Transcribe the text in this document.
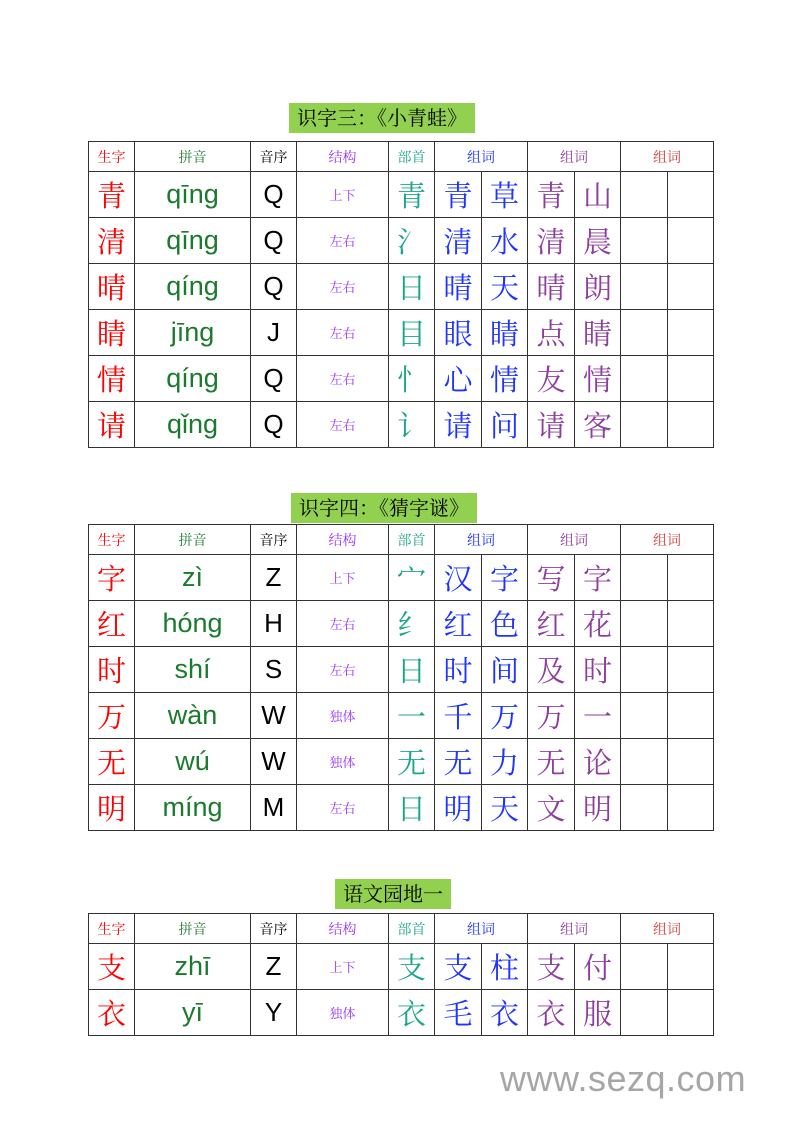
识字三：《小青蛙》
识字四：《猜字谜》
语文园地一
生字	拼音	音序	结构	部首	组词		组词		组词	
青	qīng	Q	上下	青	青	草	青	山		
清	qīng	Q	左右	氵	清	水	清	晨		
晴	qíng	Q	左右	日	晴	天	晴	朗		
睛	jīng	J	左右	目	眼	睛	点	睛		
情	qíng	Q	左右	忄	心	情	友	情		
请	qǐng	Q	左右	讠	请	问	请	客		
生字	拼音	音序	结构	部首	组词		组词		组词	
字	zì	Z	上下	宀	汉	字	写	字		
红	hóng	H	左右	纟	红	色	红	花		
时	shí	S	左右	日	时	间	及	时		
万	wàn	W	独体	一	千	万	万	一		
无	wú	W	独体	无	无	力	无	论		
明	míng	M	左右	日	明	天	文	明		
生字	拼音	音序	结构	部首	组词		组词		组词	
支	zhī	Z	上下	支	支	柱	支	付		
衣	yī	Y	独体	衣	毛	衣	衣	服		
www.sezq.com
